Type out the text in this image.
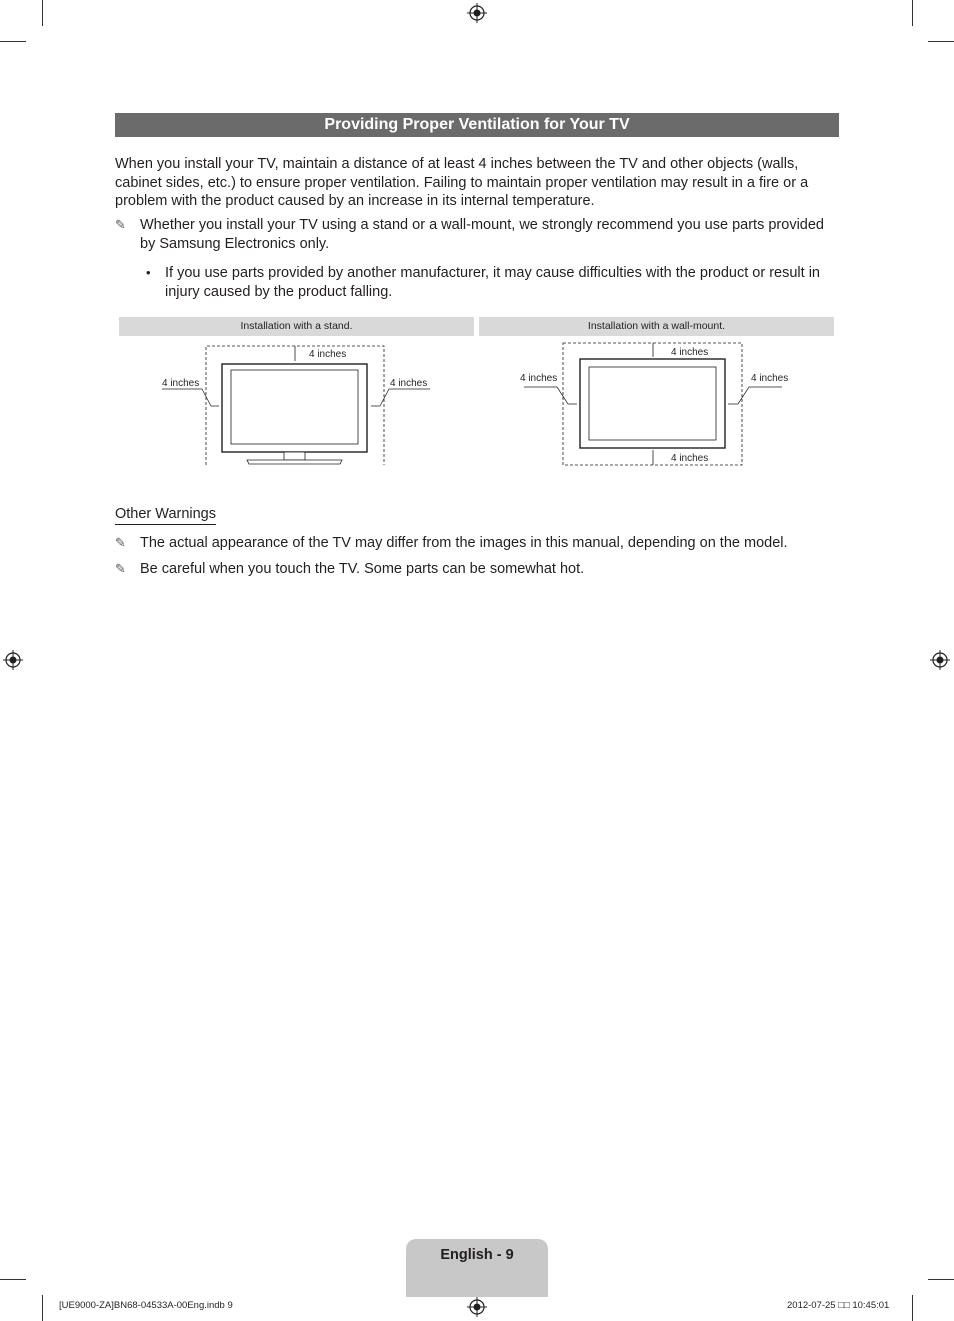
Providing Proper Ventilation for Your TV
When you install your TV, maintain a distance of at least 4 inches between the TV and other objects (walls, cabinet sides, etc.) to ensure proper ventilation. Failing to maintain proper ventilation may result in a fire or a problem with the product caused by an increase in its internal temperature.
✎ Whether you install your TV using a stand or a wall-mount, we strongly recommend you use parts provided by Samsung Electronics only.
• If you use parts provided by another manufacturer, it may cause difficulties with the product or result in injury caused by the product falling.
Installation with a stand.	Installation with a wall-mount.
4 inches
4 inches	4 inches
4 inches
4 inches	4 inches
4 inches
Other Warnings
✎ The actual appearance of the TV may differ from the images in this manual, depending on the model.
✎ Be careful when you touch the TV. Some parts can be somewhat hot.
English - 9
[UE9000-ZA]BN68-04533A-00Eng.indb 9	2012-07-25 □□ 10:45:01
